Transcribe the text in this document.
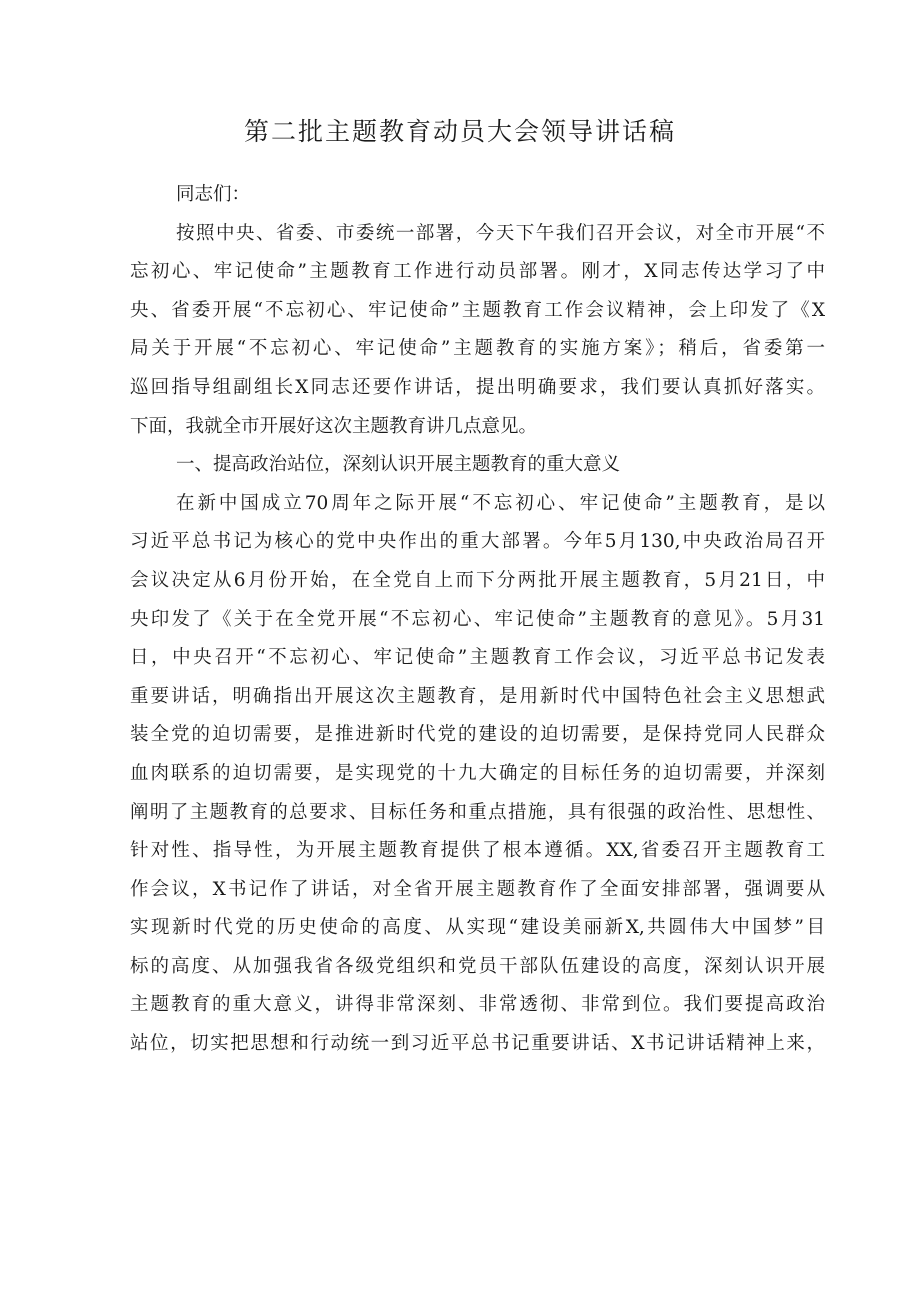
第二批主题教育动员大会领导讲话稿
同志们：
按照中央、省委、市委统一部署，今天下午我们召开会议，对全市开展“不
忘初心、牢记使命”主题教育工作进行动员部署。刚才，X同志传达学习了中
央、省委开展“不忘初心、牢记使命”主题教育工作会议精神，会上印发了《X
局关于开展“不忘初心、牢记使命”主题教育的实施方案》；稍后，省委第一
巡回指导组副组长X同志还要作讲话，提出明确要求，我们要认真抓好落实。
下面，我就全市开展好这次主题教育讲几点意见。
一、提高政治站位，深刻认识开展主题教育的重大意义
在新中国成立70周年之际开展“不忘初心、牢记使命”主题教育，是以
习近平总书记为核心的党中央作出的重大部署。今年5月130,中央政治局召开
会议决定从6月份开始，在全党自上而下分两批开展主题教育，5月21日，中
央印发了《关于在全党开展“不忘初心、牢记使命”主题教育的意见》。5月31
日，中央召开“不忘初心、牢记使命”主题教育工作会议，习近平总书记发表
重要讲话，明确指出开展这次主题教育，是用新时代中国特色社会主义思想武
装全党的迫切需要，是推进新时代党的建设的迫切需要，是保持党同人民群众
血肉联系的迫切需要，是实现党的十九大确定的目标任务的迫切需要，并深刻
阐明了主题教育的总要求、目标任务和重点措施，具有很强的政治性、思想性、
针对性、指导性，为开展主题教育提供了根本遵循。XX,省委召开主题教育工
作会议，X书记作了讲话，对全省开展主题教育作了全面安排部署，强调要从
实现新时代党的历史使命的高度、从实现“建设美丽新X,共圆伟大中国梦”目
标的高度、从加强我省各级党组织和党员干部队伍建设的高度，深刻认识开展
主题教育的重大意义，讲得非常深刻、非常透彻、非常到位。我们要提高政治
站位，切实把思想和行动统一到习近平总书记重要讲话、X书记讲话精神上来，
